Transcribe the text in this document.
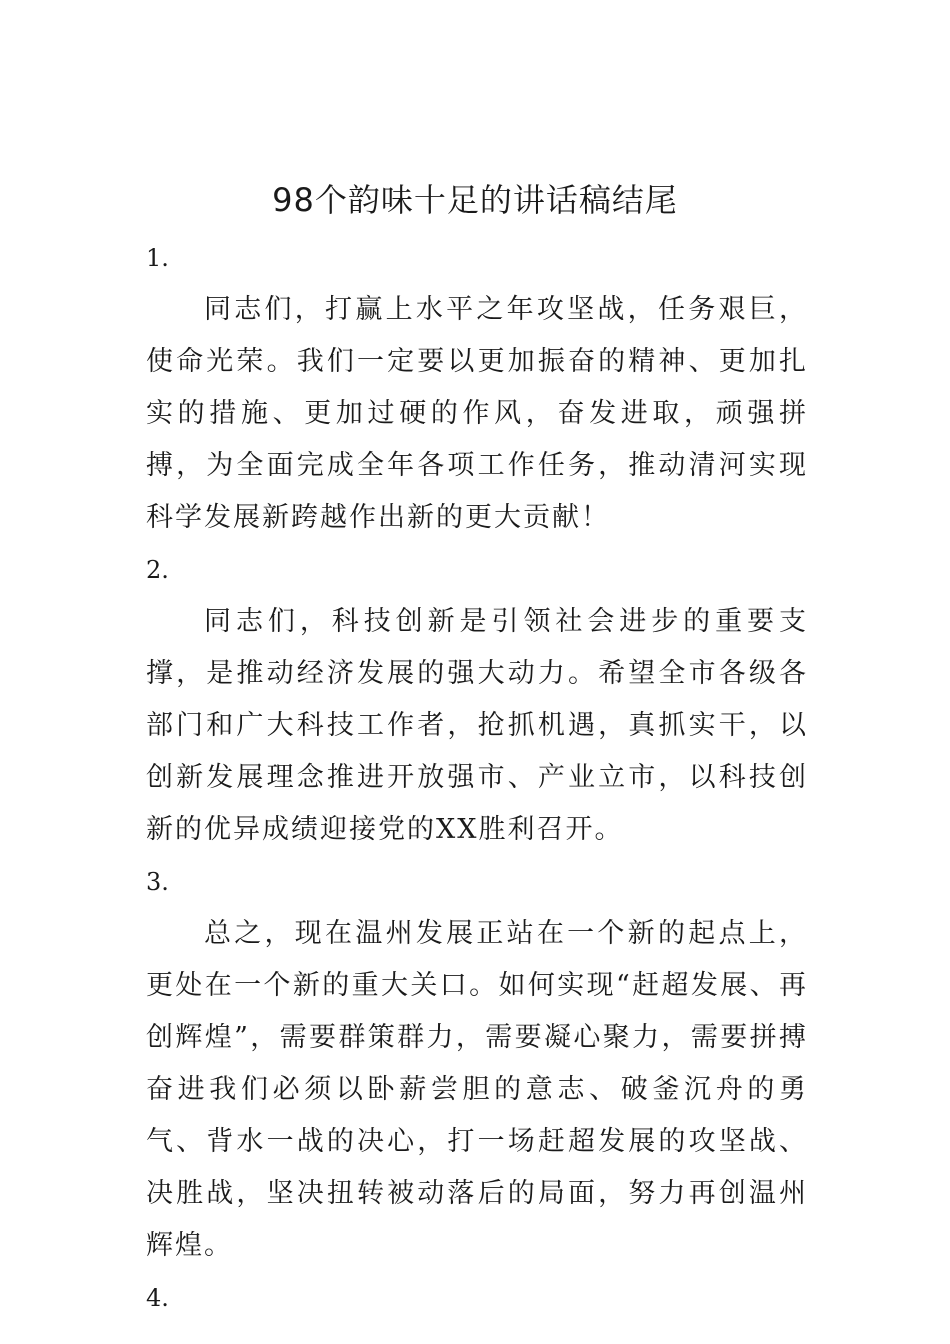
98个韵味十足的讲话稿结尾

1.

同志们，打赢上水平之年攻坚战，任务艰巨，使命光荣。我们一定要以更加振奋的精神、更加扎实的措施、更加过硬的作风，奋发进取，顽强拼搏，为全面完成全年各项工作任务，推动清河实现科学发展新跨越作出新的更大贡献！

2.

同志们，科技创新是引领社会进步的重要支撑，是推动经济发展的强大动力。希望全市各级各部门和广大科技工作者，抢抓机遇，真抓实干，以创新发展理念推进开放强市、产业立市，以科技创新的优异成绩迎接党的XX胜利召开。

3.

总之，现在温州发展正站在一个新的起点上，更处在一个新的重大关口。如何实现“赶超发展、再创辉煌”，需要群策群力，需要凝心聚力，需要拼搏奋进我们必须以卧薪尝胆的意志、破釜沉舟的勇气、背水一战的决心，打一场赶超发展的攻坚战、决胜战，坚决扭转被动落后的局面，努力再创温州辉煌。

4.
